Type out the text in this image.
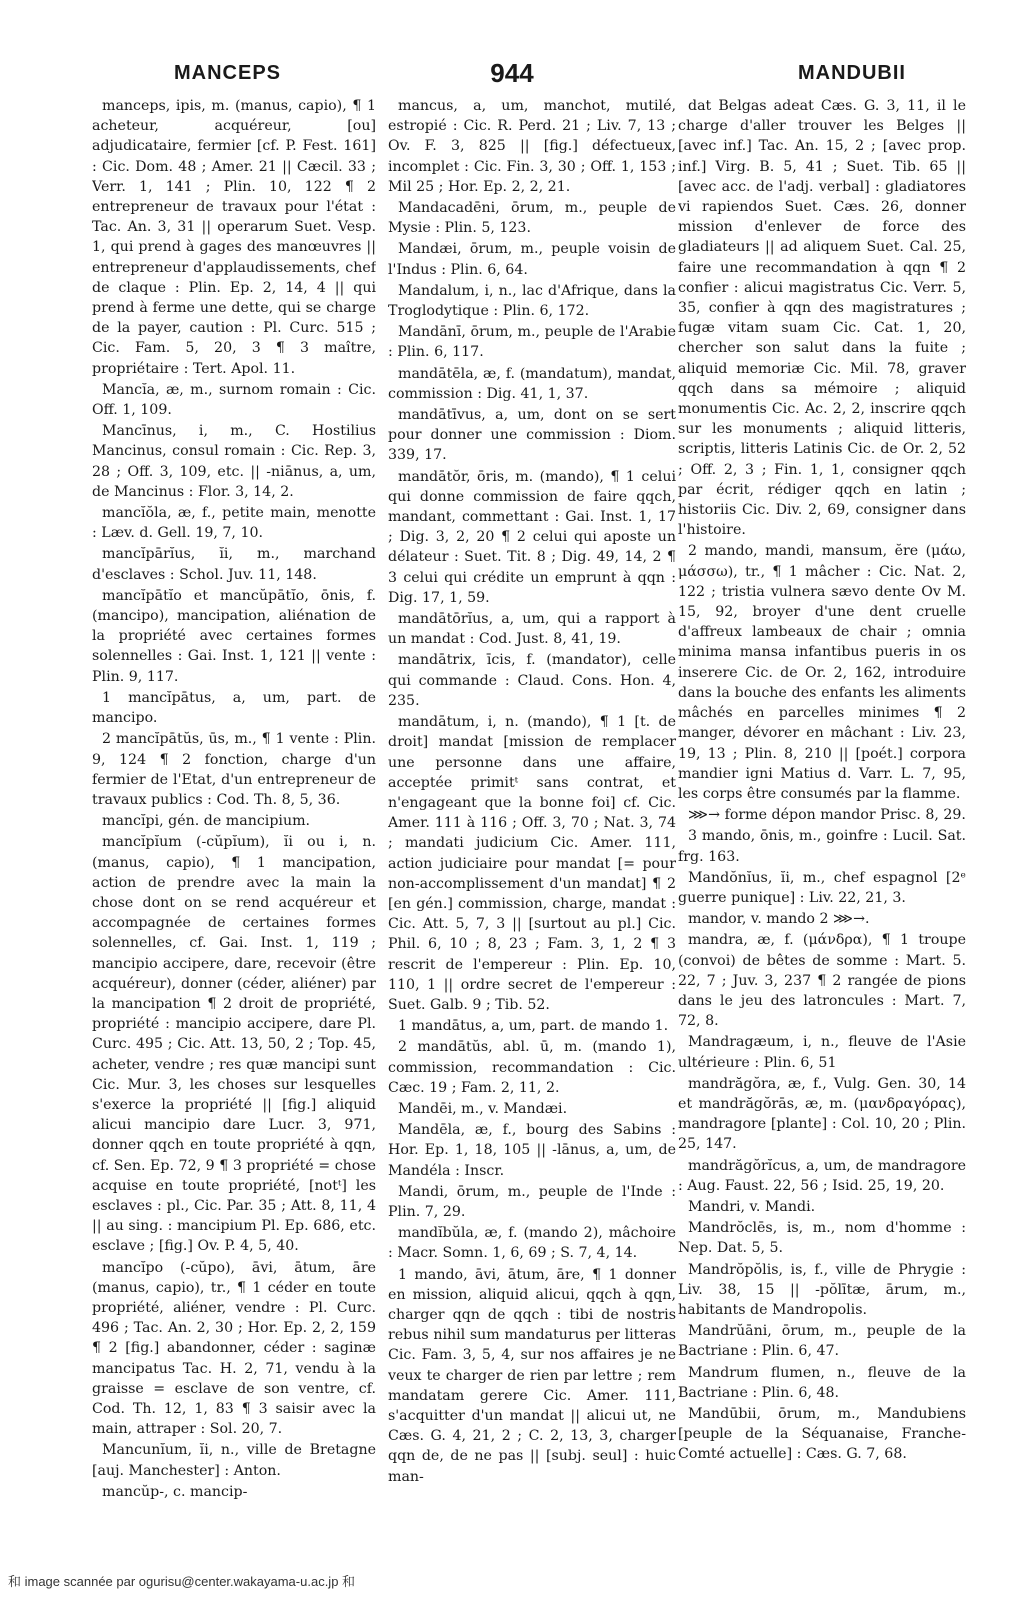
MANCEPS	944	MANDUBII

manceps, ipis, m. (manus, capio), ¶ 1 acheteur, acquéreur, [ou] adjudicataire, fermier [cf. P. Fest. 161] : Cic. Dom. 48 ; Amer. 21 || Cæcil. 33 ; Verr. 1, 141 ; Plin. 10, 122 ¶ 2 entrepreneur de travaux pour l'état : Tac. An. 3, 31 || operarum Suet. Vesp. 1, qui prend à gages des manœuvres || entrepreneur d'applaudissements, chef de claque : Plin. Ep. 2, 14, 4 || qui prend à ferme une dette, qui se charge de la payer, caution : Pl. Curc. 515 ; Cic. Fam. 5, 20, 3 ¶ 3 maître, propriétaire : Tert. Apol. 11.

Mancĭa, æ, m., surnom romain : Cic. Off. 1, 109.

Mancīnus, i, m., C. Hostilius Mancinus, consul romain : Cic. Rep. 3, 28 ; Off. 3, 109, etc. || -niānus, a, um, de Mancinus : Flor. 3, 14, 2.

mancĭŏla, æ, f., petite main, menotte : Læv. d. Gell. 19, 7, 10.

mancĭpārĭus, ĭi, m., marchand d'esclaves : Schol. Juv. 11, 148.

mancĭpātĭo et mancŭpātĭo, ōnis, f. (mancipo), mancipation, aliénation de la propriété avec certaines formes solennelles : Gai. Inst. 1, 121 || vente : Plin. 9, 117.

1 mancĭpātus, a, um, part. de mancipo.

2 mancĭpātŭs, ūs, m., ¶ 1 vente : Plin. 9, 124 ¶ 2 fonction, charge d'un fermier de l'Etat, d'un entrepreneur de travaux publics : Cod. Th. 8, 5, 36.

mancĭpi, gén. de mancipium.

mancĭpĭum (-cŭpĭum), ĭi ou i, n. (manus, capio), ¶ 1 mancipation, action de prendre avec la main la chose dont on se rend acquéreur et accompagnée de certaines formes solennelles, cf. Gai. Inst. 1, 119 ; mancipio accipere, dare, recevoir (être acquéreur), donner (céder, aliéner) par la mancipation ¶ 2 droit de propriété, propriété : mancipio accipere, dare Pl. Curc. 495 ; Cic. Att. 13, 50, 2 ; Top. 45, acheter, vendre ; res quæ mancipi sunt Cic. Mur. 3, les choses sur lesquelles s'exerce la propriété || [fig.] aliquid alicui mancipio dare Lucr. 3, 971, donner qqch en toute propriété à qqn, cf. Sen. Ep. 72, 9 ¶ 3 propriété = chose acquise en toute propriété, [notᵗ] les esclaves : pl., Cic. Par. 35 ; Att. 8, 11, 4 || au sing. : mancipium Pl. Ep. 686, etc. esclave ; [fig.] Ov. P. 4, 5, 40.

mancĭpo (-cŭpo), āvi, ātum, āre (manus, capio), tr., ¶ 1 céder en toute propriété, aliéner, vendre : Pl. Curc. 496 ; Tac. An. 2, 30 ; Hor. Ep. 2, 2, 159 ¶ 2 [fig.] abandonner, céder : saginæ mancipatus Tac. H. 2, 71, vendu à la graisse = esclave de son ventre, cf. Cod. Th. 12, 1, 83 ¶ 3 saisir avec la main, attraper : Sol. 20, 7.

Mancunĭum, ĭi, n., ville de Bretagne [auj. Manchester] : Anton.

mancŭp-, c. mancip-

mancus, a, um, manchot, mutilé, estropié : Cic. R. Perd. 21 ; Liv. 7, 13 ; Ov. F. 3, 825 || [fig.] défectueux, incomplet : Cic. Fin. 3, 30 ; Off. 1, 153 ; Mil 25 ; Hor. Ep. 2, 2, 21.

Mandacadēni, ōrum, m., peuple de Mysie : Plin. 5, 123.

Mandæi, ōrum, m., peuple voisin de l'Indus : Plin. 6, 64.

Mandalum, i, n., lac d'Afrique, dans la Troglodytique : Plin. 6, 172.

Mandānī, ōrum, m., peuple de l'Arabie : Plin. 6, 117.

mandātēla, æ, f. (mandatum), mandat, commission : Dig. 41, 1, 37.

mandātīvus, a, um, dont on se sert pour donner une commission : Diom. 339, 17.

mandātŏr, ōris, m. (mando), ¶ 1 celui qui donne commission de faire qqch, mandant, commettant : Gai. Inst. 1, 17 ; Dig. 3, 2, 20 ¶ 2 celui qui aposte un délateur : Suet. Tit. 8 ; Dig. 49, 14, 2 ¶ 3 celui qui crédite un emprunt à qqn : Dig. 17, 1, 59.

mandātōrĭus, a, um, qui a rapport à un mandat : Cod. Just. 8, 41, 19.

mandātrix, īcis, f. (mandator), celle qui commande : Claud. Cons. Hon. 4, 235.

mandātum, i, n. (mando), ¶ 1 [t. de droit] mandat [mission de remplacer une personne dans une affaire, acceptée primitᵗ sans contrat, et n'engageant que la bonne foi] cf. Cic. Amer. 111 à 116 ; Off. 3, 70 ; Nat. 3, 74 ; mandati judicium Cic. Amer. 111, action judiciaire pour mandat [= pour non-accomplissement d'un mandat] ¶ 2 [en gén.] commission, charge, mandat : Cic. Att. 5, 7, 3 || [surtout au pl.] Cic. Phil. 6, 10 ; 8, 23 ; Fam. 3, 1, 2 ¶ 3 rescrit de l'empereur : Plin. Ep. 10, 110, 1 || ordre secret de l'empereur : Suet. Galb. 9 ; Tib. 52.

1 mandātus, a, um, part. de mando 1.

2 mandātŭs, abl. ū, m. (mando 1), commission, recommandation : Cic. Cæc. 19 ; Fam. 2, 11, 2.

Mandēi, m., v. Mandæi.

Mandēla, æ, f., bourg des Sabins : Hor. Ep. 1, 18, 105 || -lānus, a, um, de Mandéla : Inscr.

Mandi, ōrum, m., peuple de l'Inde : Plin. 7, 29.

mandĭbŭla, æ, f. (mando 2), mâchoire : Macr. Somn. 1, 6, 69 ; S. 7, 4, 14.

1 mando, āvi, ātum, āre, ¶ 1 donner en mission, aliquid alicui, qqch à qqn, charger qqn de qqch : tibi de nostris rebus nihil sum mandaturus per litteras Cic. Fam. 3, 5, 4, sur nos affaires je ne veux te charger de rien par lettre ; rem mandatam gerere Cic. Amer. 111, s'acquitter d'un mandat || alicui ut, ne Cæs. G. 4, 21, 2 ; C. 2, 13, 3, charger qqn de, de ne pas || [subj. seul] : huic man-

dat Belgas adeat Cæs. G. 3, 11, il le charge d'aller trouver les Belges || [avec inf.] Tac. An. 15, 2 ; [avec prop. inf.] Virg. B. 5, 41 ; Suet. Tib. 65 || [avec acc. de l'adj. verbal] : gladiatores vi rapiendos Suet. Cæs. 26, donner mission d'enlever de force des gladiateurs || ad aliquem Suet. Cal. 25, faire une recommandation à qqn ¶ 2 confier : alicui magistratus Cic. Verr. 5, 35, confier à qqn des magistratures ; fugæ vitam suam Cic. Cat. 1, 20, chercher son salut dans la fuite ; aliquid memoriæ Cic. Mil. 78, graver qqch dans sa mémoire ; aliquid monumentis Cic. Ac. 2, 2, inscrire qqch sur les monuments ; aliquid litteris, scriptis, litteris Latinis Cic. de Or. 2, 52 ; Off. 2, 3 ; Fin. 1, 1, consigner qqch par écrit, rédiger qqch en latin ; historiis Cic. Div. 2, 69, consigner dans l'histoire.

2 mando, mandi, mansum, ĕre (μάω, μάσσω), tr., ¶ 1 mâcher : Cic. Nat. 2, 122 ; tristia vulnera sævo dente Ov M. 15, 92, broyer d'une dent cruelle d'affreux lambeaux de chair ; omnia minima mansa infantibus pueris in os inserere Cic. de Or. 2, 162, introduire dans la bouche des enfants les aliments mâchés en parcelles minimes ¶ 2 manger, dévorer en mâchant : Liv. 23, 19, 13 ; Plin. 8, 210 || [poét.] corpora mandier igni Matius d. Varr. L. 7, 95, les corps être consumés par la flamme.

⋙→ forme dépon mandor Prisc. 8, 29.

3 mando, ōnis, m., goinfre : Lucil. Sat. frg. 163.

Mandŏnĭus, ĭi, m., chef espagnol [2ᵉ guerre punique] : Liv. 22, 21, 3.

mandor, v. mando 2 ⋙→.

mandra, æ, f. (μάνδρα), ¶ 1 troupe (convoi) de bêtes de somme : Mart. 5. 22, 7 ; Juv. 3, 237 ¶ 2 rangée de pions dans le jeu des latroncules : Mart. 7, 72, 8.

Mandragæum, i, n., fleuve de l'Asie ultérieure : Plin. 6, 51

mandrăgŏra, æ, f., Vulg. Gen. 30, 14 et mandrăgŏrās, æ, m. (μανδραγόρας), mandragore [plante] : Col. 10, 20 ; Plin. 25, 147.

mandrăgŏrĭcus, a, um, de mandragore : Aug. Faust. 22, 56 ; Isid. 25, 19, 20.

Mandri, v. Mandi.

Mandrŏclēs, is, m., nom d'homme : Nep. Dat. 5, 5.

Mandrŏpŏlis, is, f., ville de Phrygie : Liv. 38, 15 || -pŏlītæ, ārum, m., habitants de Mandropolis.

Mandrŭāni, ōrum, m., peuple de la Bactriane : Plin. 6, 47.

Mandrum flumen, n., fleuve de la Bactriane : Plin. 6, 48.

Mandūbii, ōrum, m., Mandubiens [peuple de la Séquanaise, Franche-Comté actuelle] : Cæs. G. 7, 68.

和 image scannée par ogurisu@center.wakayama-u.ac.jp 和
